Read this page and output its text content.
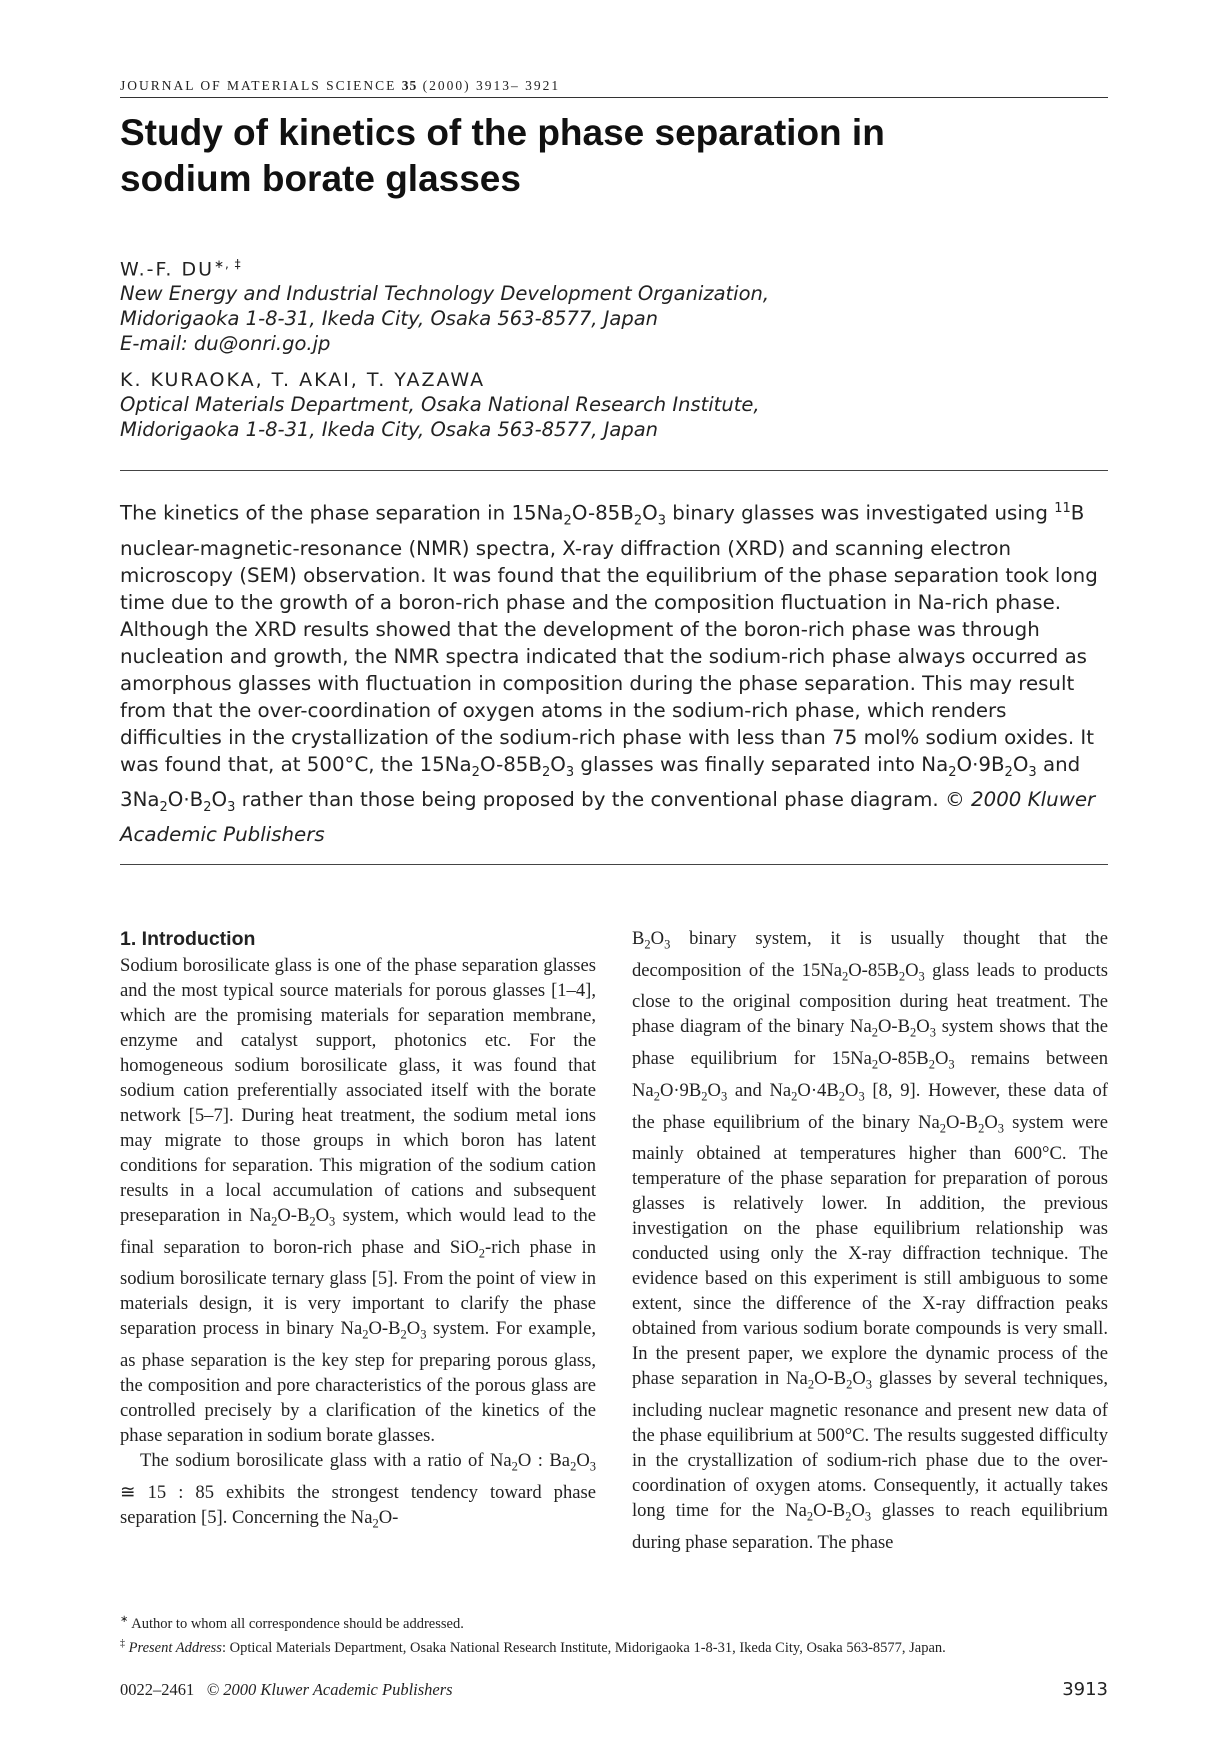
JOURNAL OF MATERIALS SCIENCE 35 (2000) 3913– 3921
Study of kinetics of the phase separation in
sodium borate glasses
W.-F. DU∗, ‡
New Energy and Industrial Technology Development Organization,
Midorigaoka 1-8-31, Ikeda City, Osaka 563-8577, Japan
E-mail: du@onri.go.jp
K. KURAOKA, T. AKAI, T. YAZAWA
Optical Materials Department, Osaka National Research Institute,
Midorigaoka 1-8-31, Ikeda City, Osaka 563-8577, Japan
The kinetics of the phase separation in $15Na_2O-85B_2O_3$ binary glasses was investigated using $^{11}$B nuclear-magnetic-resonance (NMR) spectra, X-ray diffraction (XRD) and scanning electron microscopy (SEM) observation. It was found that the equilibrium of the phase separation took long time due to the growth of a boron-rich phase and the composition fluctuation in Na-rich phase. Although the XRD results showed that the development of the boron-rich phase was through nucleation and growth, the NMR spectra indicated that the sodium-rich phase always occurred as amorphous glasses with fluctuation in composition during the phase separation. This may result from that the over-coordination of oxygen atoms in the sodium-rich phase, which renders difficulties in the crystallization of the sodium-rich phase with less than 75 mol% sodium oxides. It was found that, at 500°C, the $15Na_2O-85B_2O_3$ glasses was finally separated into $Na_2O\cdot 9B_2O_3$ and $3Na_2O\cdot B_2O_3$ rather than those being proposed by the conventional phase diagram. © 2000 Kluwer Academic Publishers
1. Introduction

Sodium borosilicate glass is one of the phase separation glasses and the most typical source materials for porous glasses [1–4], which are the promising materials for separation membrane, enzyme and catalyst support, photonics etc. For the homogeneous sodium borosilicate glass, it was found that sodium cation preferentially associated itself with the borate network [5–7]. During heat treatment, the sodium metal ions may migrate to those groups in which boron has latent conditions for separation. This migration of the sodium cation results in a local accumulation of cations and subsequent preseparation in $Na_2O-B_2O_3$ system, which would lead to the final separation to boron-rich phase and SiO$_2$-rich phase in sodium borosilicate ternary glass [5]. From the point of view in materials design, it is very important to clarify the phase separation process in binary $Na_2O-B_2O_3$ system. For example, as phase separation is the key step for preparing porous glass, the composition and pore characteristics of the porous glass are controlled precisely by a clarification of the kinetics of the phase separation in sodium borate glasses.

The sodium borosilicate glass with a ratio of $Na_2O$ : $Ba_2O_3$ ≅ 15 : 85 exhibits the strongest tendency toward phase separation [5]. Concerning the $Na_2O-$

$B_2O_3$ binary system, it is usually thought that the decomposition of the $15Na_2O-85B_2O_3$ glass leads to products close to the original composition during heat treatment. The phase diagram of the binary $Na_2O-B_2O_3$ system shows that the phase equilibrium for $15Na_2O-85B_2O_3$ remains between $Na_2O\cdot 9B_2O_3$ and $Na_2O\cdot 4B_2O_3$ [8, 9]. However, these data of the phase equilibrium of the binary $Na_2O-B_2O_3$ system were mainly obtained at temperatures higher than 600°C. The temperature of the phase separation for preparation of porous glasses is relatively lower. In addition, the previous investigation on the phase equilibrium relationship was conducted using only the X-ray diffraction technique. The evidence based on this experiment is still ambiguous to some extent, since the difference of the X-ray diffraction peaks obtained from various sodium borate compounds is very small. In the present paper, we explore the dynamic process of the phase separation in $Na_2O-B_2O_3$ glasses by several techniques, including nuclear magnetic resonance and present new data of the phase equilibrium at 500°C. The results suggested difficulty in the crystallization of sodium-rich phase due to the over-coordination of oxygen atoms. Consequently, it actually takes long time for the $Na_2O-B_2O_3$ glasses to reach equilibrium during phase separation. The phase

∗ Author to whom all correspondence should be addressed.
‡ Present Address: Optical Materials Department, Osaka National Research Institute, Midorigaoka 1-8-31, Ikeda City, Osaka 563-8577, Japan.
0022–2461 © 2000 Kluwer Academic Publishers	3913
